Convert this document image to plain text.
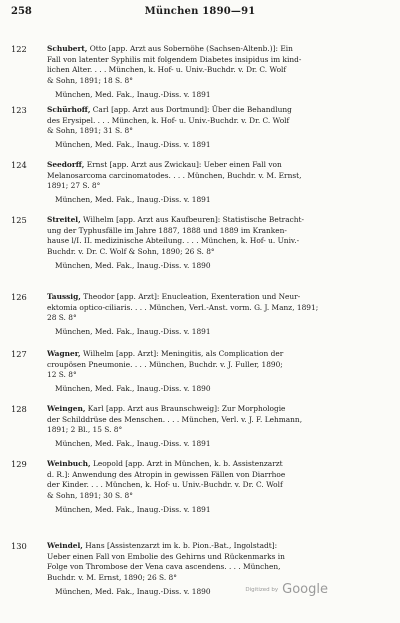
258	München 1890—91
122	Schubert, Otto [app. Arzt aus Sobernöhe (Sachsen-Altenb.)]: Ein
Fall von latenter Syphilis mit folgendem Diabetes insipidus im kind-
lichen Alter. . . . München, k. Hof- u. Univ.-Buchdr. v. Dr. C. Wolf
& Sohn, 1891; 18 S. 8°
München, Med. Fak., Inaug.-Diss. v. 1891
123	Schürhoff, Carl [app. Arzt aus Dortmund]: Über die Behandlung
des Erysipel. . . . München, k. Hof- u. Univ.-Buchdr. v. Dr. C. Wolf
& Sohn, 1891; 31 S. 8°
München, Med. Fak., Inaug.-Diss. v. 1891
124	Seedorff, Ernst [app. Arzt aus Zwickau]: Ueber einen Fall von
Melanosarcoma carcinomatodes. . . . München, Buchdr. v. M. Ernst,
1891; 27 S. 8°
München, Med. Fak., Inaug.-Diss. v. 1891
125	Streitel, Wilhelm [app. Arzt aus Kaufbeuren]: Statistische Betracht-
ung der Typhusfälle im Jahre 1887, 1888 und 1889 im Kranken-
hause l/I. II. medizinische Abteilung. . . . München, k. Hof- u. Univ.-
Buchdr. v. Dr. C. Wolf & Sohn, 1890; 26 S. 8°
München, Med. Fak., Inaug.-Diss. v. 1890
126	Taussig, Theodor [app. Arzt]: Enucleation, Exenteration und Neur-
ektomia optico-ciliaris. . . . München, Verl.-Anst. vorm. G. J. Manz, 1891;
28 S. 8°
München, Med. Fak., Inaug.-Diss. v. 1891
127	Wagner, Wilhelm [app. Arzt]: Meningitis, als Complication der
croupösen Pneumonie. . . . München, Buchdr. v. J. Fuller, 1890;
12 S. 8°
München, Med. Fak., Inaug.-Diss. v. 1890
128	Weingen, Karl [app. Arzt aus Braunschweig]: Zur Morphologie
der Schilddrüse des Menschen. . . . München, Verl. v. J. F. Lehmann,
1891; 2 Bl., 15 S. 8°
München, Med. Fak., Inaug.-Diss. v. 1891
129	Weinbuch, Leopold [app. Arzt in München, k. b. Assistenzarzt
d. R.]: Anwendung des Atropin in gewissen Fällen von Diarrhoe
der Kinder. . . . München, k. Hof- u. Univ.-Buchdr. v. Dr. C. Wolf
& Sohn, 1891; 30 S. 8°
München, Med. Fak., Inaug.-Diss. v. 1891
130	Weindel, Hans [Assistenzarzt im k. b. Pion.-Bat., Ingolstadt]:
Ueber einen Fall von Embolie des Gehirns und Rückenmarks in
Folge von Thrombose der Vena cava ascendens. . . . München,
Buchdr. v. M. Ernst, 1890; 26 S. 8°
München, Med. Fak., Inaug.-Diss. v. 1890	Digitized by Google
